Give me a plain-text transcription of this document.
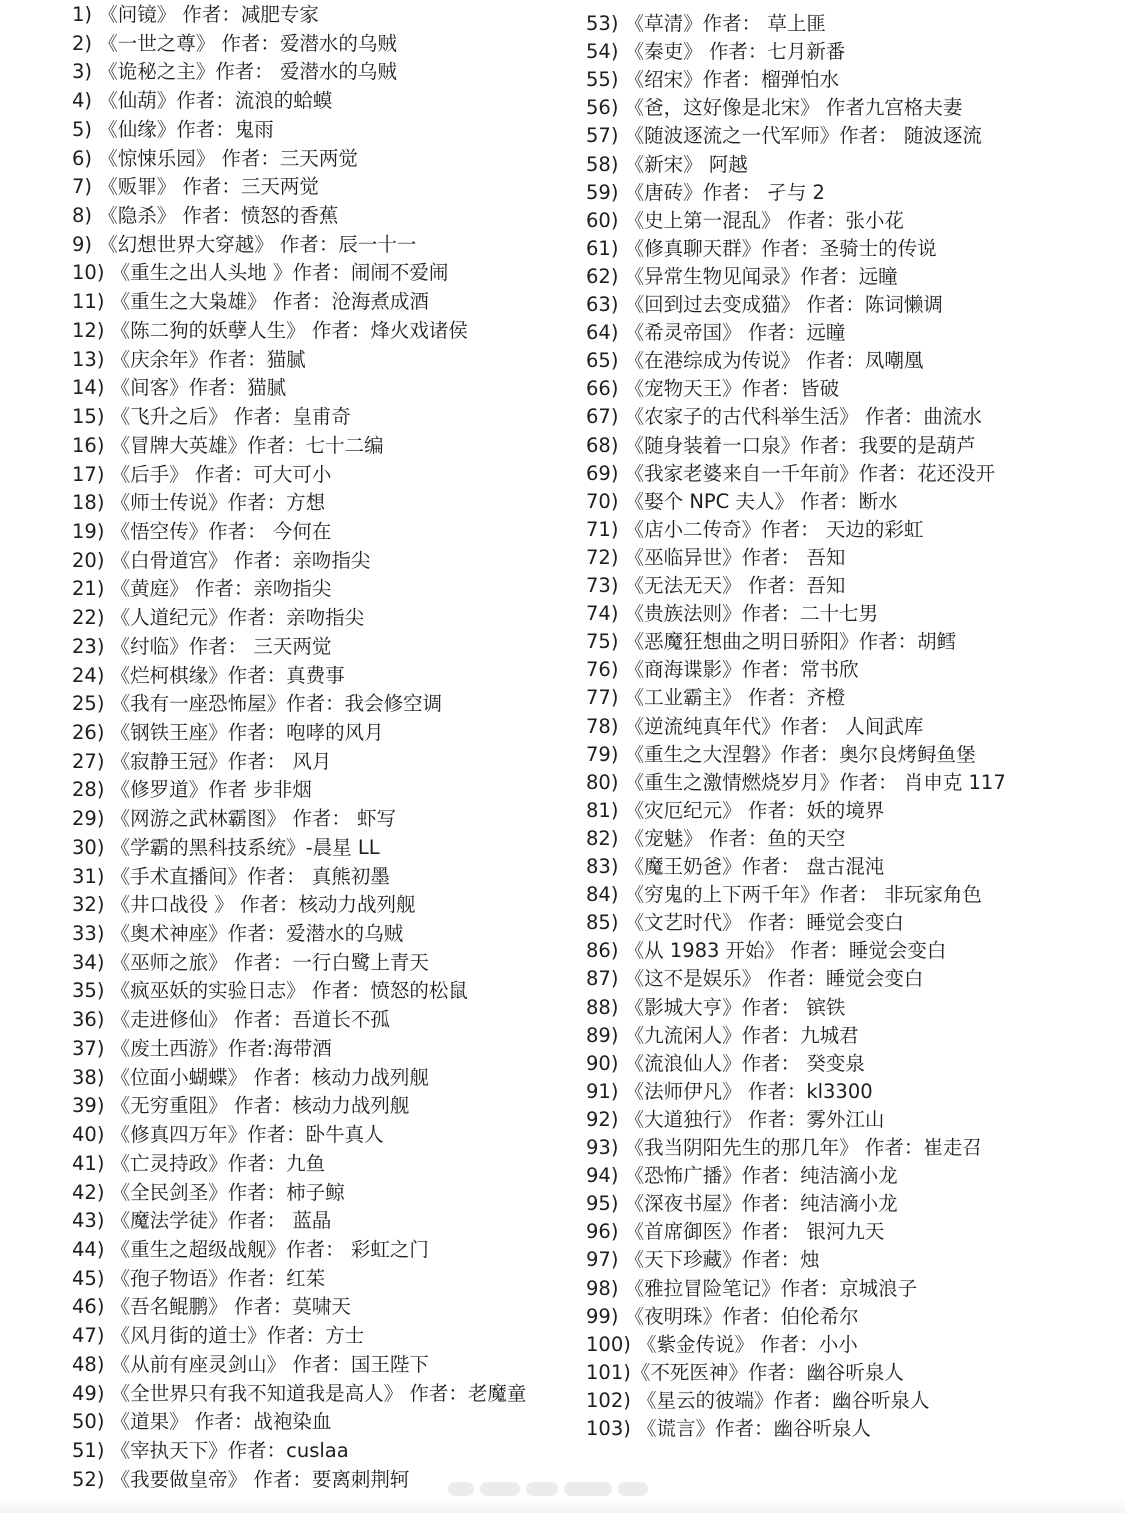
1) 《问镜》 作者：减肥专家
2) 《一世之尊》 作者：爱潜水的乌贼
3) 《诡秘之主》作者： 爱潜水的乌贼
4) 《仙葫》作者：流浪的蛤蟆
5) 《仙缘》作者：鬼雨
6) 《惊悚乐园》 作者：三天两觉
7) 《贩罪》 作者：三天两觉
8) 《隐杀》 作者：愤怒的香蕉
9) 《幻想世界大穿越》 作者：辰一十一
10) 《重生之出人头地 》作者：闹闹不爱闹
11) 《重生之大枭雄》 作者：沧海煮成酒
12) 《陈二狗的妖孽人生》 作者：烽火戏诸侯
13) 《庆余年》作者：猫腻
14) 《间客》作者：猫腻
15) 《飞升之后》 作者：皇甫奇
16) 《冒牌大英雄》作者：七十二编
17) 《后手》 作者：可大可小
18) 《师士传说》作者：方想
19) 《悟空传》作者： 今何在
20) 《白骨道宫》 作者：亲吻指尖
21) 《黄庭》 作者：亲吻指尖
22) 《人道纪元》作者：亲吻指尖
23) 《纣临》作者： 三天两觉
24) 《烂柯棋缘》作者：真费事
25) 《我有一座恐怖屋》作者：我会修空调
26) 《钢铁王座》作者：咆哮的风月
27) 《寂静王冠》作者： 风月
28) 《修罗道》作者 步非烟
29) 《网游之武林霸图》 作者： 虾写
30) 《学霸的黑科技系统》-晨星 LL
31) 《手术直播间》作者： 真熊初墨
32) 《井口战役 》 作者：核动力战列舰
33) 《奥术神座》作者：爱潜水的乌贼
34) 《巫师之旅》 作者：一行白鹭上青天
35) 《疯巫妖的实验日志》 作者：愤怒的松鼠
36) 《走进修仙》 作者：吾道长不孤
37) 《废土西游》作者:海带酒
38) 《位面小蝴蝶》 作者：核动力战列舰
39) 《无穷重阻》 作者：核动力战列舰
40) 《修真四万年》作者：卧牛真人
41) 《亡灵持政》作者：九鱼
42) 《全民剑圣》作者：柿子鲸
43) 《魔法学徒》作者： 蓝晶
44) 《重生之超级战舰》作者： 彩虹之门
45) 《孢子物语》作者：红茱
46) 《吾名鲲鹏》 作者：莫啸天
47) 《风月街的道士》作者：方士
48) 《从前有座灵剑山》 作者：国王陛下
49) 《全世界只有我不知道我是高人》 作者：老魔童
50) 《道果》 作者：战袍染血
51) 《宰执天下》作者：cuslaa
52) 《我要做皇帝》 作者：要离刺荆轲
53) 《草清》作者： 草上匪
54) 《秦吏》 作者：七月新番
55) 《绍宋》作者：榴弹怕水
56) 《爸，这好像是北宋》 作者九宫格夫妻
57) 《随波逐流之一代军师》作者： 随波逐流
58) 《新宋》 阿越
59) 《唐砖》作者： 孑与 2
60) 《史上第一混乱》 作者：张小花
61) 《修真聊天群》作者：圣骑士的传说
62) 《异常生物见闻录》作者：远瞳
63) 《回到过去变成猫》 作者：陈词懒调
64) 《希灵帝国》 作者：远瞳
65) 《在港综成为传说》 作者：凤嘲凰
66) 《宠物天王》作者：皆破
67) 《农家子的古代科举生活》 作者：曲流水
68) 《随身装着一口泉》作者：我要的是葫芦
69) 《我家老婆来自一千年前》作者：花还没开
70) 《娶个 NPC 夫人》 作者：断水
71) 《店小二传奇》作者： 天边的彩虹
72) 《巫临异世》作者： 吾知
73) 《无法无天》 作者：吾知
74) 《贵族法则》作者：二十七男
75) 《恶魔狂想曲之明日骄阳》作者：胡鳕
76) 《商海谍影》作者：常书欣
77) 《工业霸主》 作者：齐橙
78) 《逆流纯真年代》作者： 人间武库
79) 《重生之大涅磐》作者：奥尔良烤鲟鱼堡
80) 《重生之激情燃烧岁月》作者： 肖申克 117
81) 《灾厄纪元》 作者：妖的境界
82) 《宠魅》 作者：鱼的天空
83) 《魔王奶爸》作者： 盘古混沌
84) 《穷鬼的上下两千年》作者： 非玩家角色
85) 《文艺时代》 作者：睡觉会变白
86) 《从 1983 开始》 作者：睡觉会变白
87) 《这不是娱乐》 作者：睡觉会变白
88) 《影城大亨》作者： 镔铁
89) 《九流闲人》作者：九城君
90) 《流浪仙人》作者： 癸变泉
91) 《法师伊凡》 作者：kl3300
92) 《大道独行》 作者：雾外江山
93) 《我当阴阳先生的那几年》 作者：崔走召
94) 《恐怖广播》作者：纯洁滴小龙
95) 《深夜书屋》作者：纯洁滴小龙
96) 《首席御医》作者： 银河九天
97) 《天下珍藏》作者：烛
98) 《雅拉冒险笔记》作者：京城浪子
99) 《夜明珠》作者：伯伦希尔
100) 《紫金传说》 作者：小小
101)《不死医神》作者：幽谷听泉人
102) 《星云的彼端》作者：幽谷听泉人
103) 《谎言》作者：幽谷听泉人
